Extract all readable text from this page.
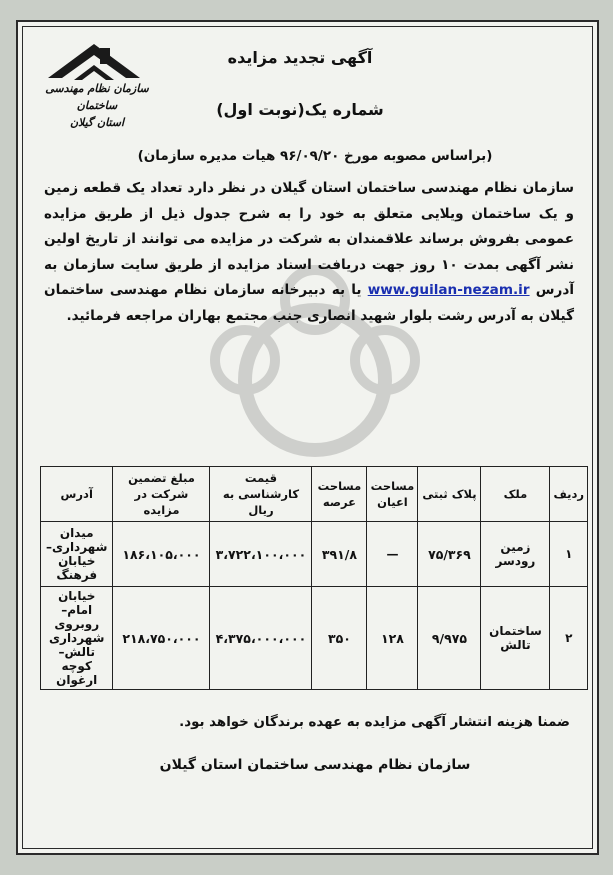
سازمان نظام مهندسی ساختمان
استان گیلان
آگهی تجدید مزایده
شماره یک(نوبت اول)
(براساس مصوبه مورخ ۹۶/۰۹/۲۰ هیات مدیره سازمان)
سازمان نظام مهندسی ساختمان استان گیلان در نظر دارد تعداد یک قطعه زمین و یک ساختمان ویلایی متعلق به خود را به شرح جدول ذیل از طریق مزایده عمومی بفروش برساند علاقمندان به شرکت در مزایده می توانند از تاریخ اولین نشر آگهی بمدت ۱۰ روز جهت دریافت اسناد مزایده از طریق سایت سازمان به آدرس www.guilan-nezam.ir یا به دبیرخانه سازمان نظام مهندسی ساختمان گیلان به آدرس رشت بلوار شهید انصاری جنب مجتمع بهاران مراجعه فرمائید.
ردیف	ملک	پلاک ثبتی	مساحت اعیان	مساحت عرصه	قیمت کارشناسی به ریال	مبلغ تضمین شرکت در مزایده	آدرس
۱	زمین رودسر	۷۵/۳۶۹	—	۳۹۱/۸	۳،۷۲۲،۱۰۰،۰۰۰	۱۸۶،۱۰۵،۰۰۰	میدان شهرداری– خیابان فرهنگ
۲	ساختمان تالش	۹/۹۷۵	۱۲۸	۳۵۰	۴،۳۷۵،۰۰۰،۰۰۰	۲۱۸،۷۵۰،۰۰۰	خیابان امام–روبروی شهرداری تالش– کوچه ارغوان
ضمنا هزینه انتشار آگهی مزایده به عهده برندگان خواهد بود.
سازمان نظام مهندسی ساختمان استان گیلان
